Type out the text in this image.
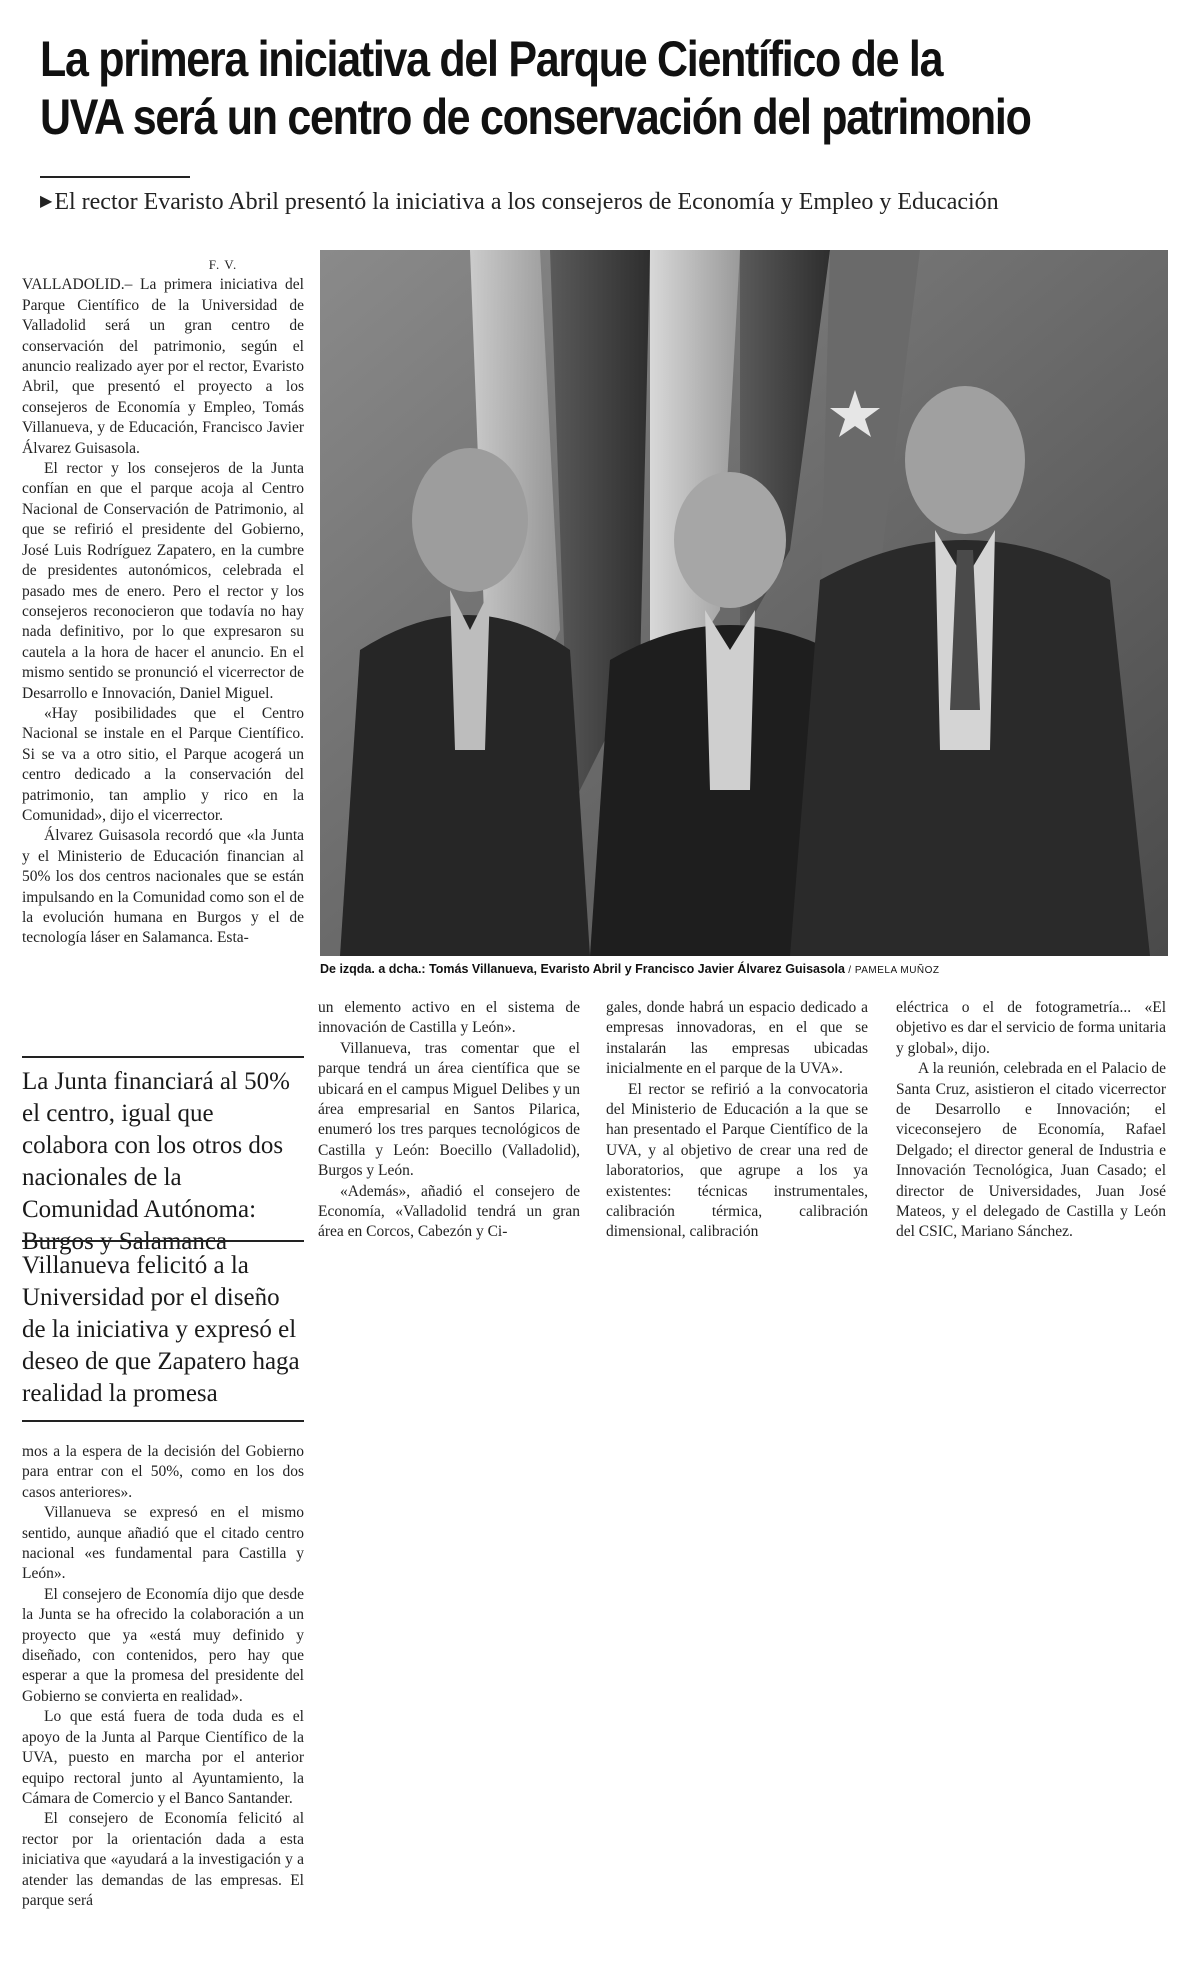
La primera iniciativa del Parque Científico de la
UVA será un centro de conservación del patrimonio
▶El rector Evaristo Abril presentó la iniciativa a los consejeros de Economía y Empleo y Educación
F. V.

VALLADOLID.– La primera iniciativa del Parque Científico de la Universidad de Valladolid será un gran centro de conservación del patrimonio, según el anuncio realizado ayer por el rector, Evaristo Abril, que presentó el proyecto a los consejeros de Economía y Empleo, Tomás Villanueva, y de Educación, Francisco Javier Álvarez Guisasola.

El rector y los consejeros de la Junta confían en que el parque acoja al Centro Nacional de Conservación de Patrimonio, al que se refirió el presidente del Gobierno, José Luis Rodríguez Zapatero, en la cumbre de presidentes autonómicos, celebrada el pasado mes de enero. Pero el rector y los consejeros reconocieron que todavía no hay nada definitivo, por lo que expresaron su cautela a la hora de hacer el anuncio. En el mismo sentido se pronunció el vicerrector de Desarrollo e Innovación, Daniel Miguel.

«Hay posibilidades que el Centro Nacional se instale en el Parque Científico. Si se va a otro sitio, el Parque acogerá un centro dedicado a la conservación del patrimonio, tan amplio y rico en la Comunidad», dijo el vicerrector.

Álvarez Guisasola recordó que «la Junta y el Ministerio de Educación financian al 50% los dos centros nacionales que se están impulsando en la Comunidad como son el de la evolución humana en Burgos y el de tecnología láser en Salamanca. Esta-

La Junta financiará al 50% el centro, igual que colabora con los otros dos nacionales de la Comunidad Autónoma: Burgos y Salamanca
Villanueva felicitó a la Universidad por el diseño de la iniciativa y expresó el deseo de que Zapatero haga realidad la promesa

mos a la espera de la decisión del Gobierno para entrar con el 50%, como en los dos casos anteriores».

Villanueva se expresó en el mismo sentido, aunque añadió que el citado centro nacional «es fundamental para Castilla y León».

El consejero de Economía dijo que desde la Junta se ha ofrecido la colaboración a un proyecto que ya «está muy definido y diseñado, con contenidos, pero hay que esperar a que la promesa del presidente del Gobierno se convierta en realidad».

Lo que está fuera de toda duda es el apoyo de la Junta al Parque Científico de la UVA, puesto en marcha por el anterior equipo rectoral junto al Ayuntamiento, la Cámara de Comercio y el Banco Santander.

El consejero de Economía felicitó al rector por la orientación dada a esta iniciativa que «ayudará a la investigación y a atender las demandas de las empresas. El parque será

De izqda. a dcha.: Tomás Villanueva, Evaristo Abril y Francisco Javier Álvarez Guisasola / PAMELA MUÑOZ

un elemento activo en el sistema de innovación de Castilla y León».

Villanueva, tras comentar que el parque tendrá un área científica que se ubicará en el campus Miguel Delibes y un área empresarial en Santos Pilarica, enumeró los tres parques tecnológicos de Castilla y León: Boecillo (Valladolid), Burgos y León.

«Además», añadió el consejero de Economía, «Valladolid tendrá un gran área en Corcos, Cabezón y Ci-

gales, donde habrá un espacio dedicado a empresas innovadoras, en el que se instalarán las empresas ubicadas inicialmente en el parque de la UVA».

El rector se refirió a la convocatoria del Ministerio de Educación a la que se han presentado el Parque Científico de la UVA, y al objetivo de crear una red de laboratorios, que agrupe a los ya existentes: técnicas instrumentales, calibración térmica, calibración dimensional, calibración

eléctrica o el de fotogrametría... «El objetivo es dar el servicio de forma unitaria y global», dijo.

A la reunión, celebrada en el Palacio de Santa Cruz, asistieron el citado vicerrector de Desarrollo e Innovación; el viceconsejero de Economía, Rafael Delgado; el director general de Industria e Innovación Tecnológica, Juan Casado; el director de Universidades, Juan José Mateos, y el delegado de Castilla y León del CSIC, Mariano Sánchez.
